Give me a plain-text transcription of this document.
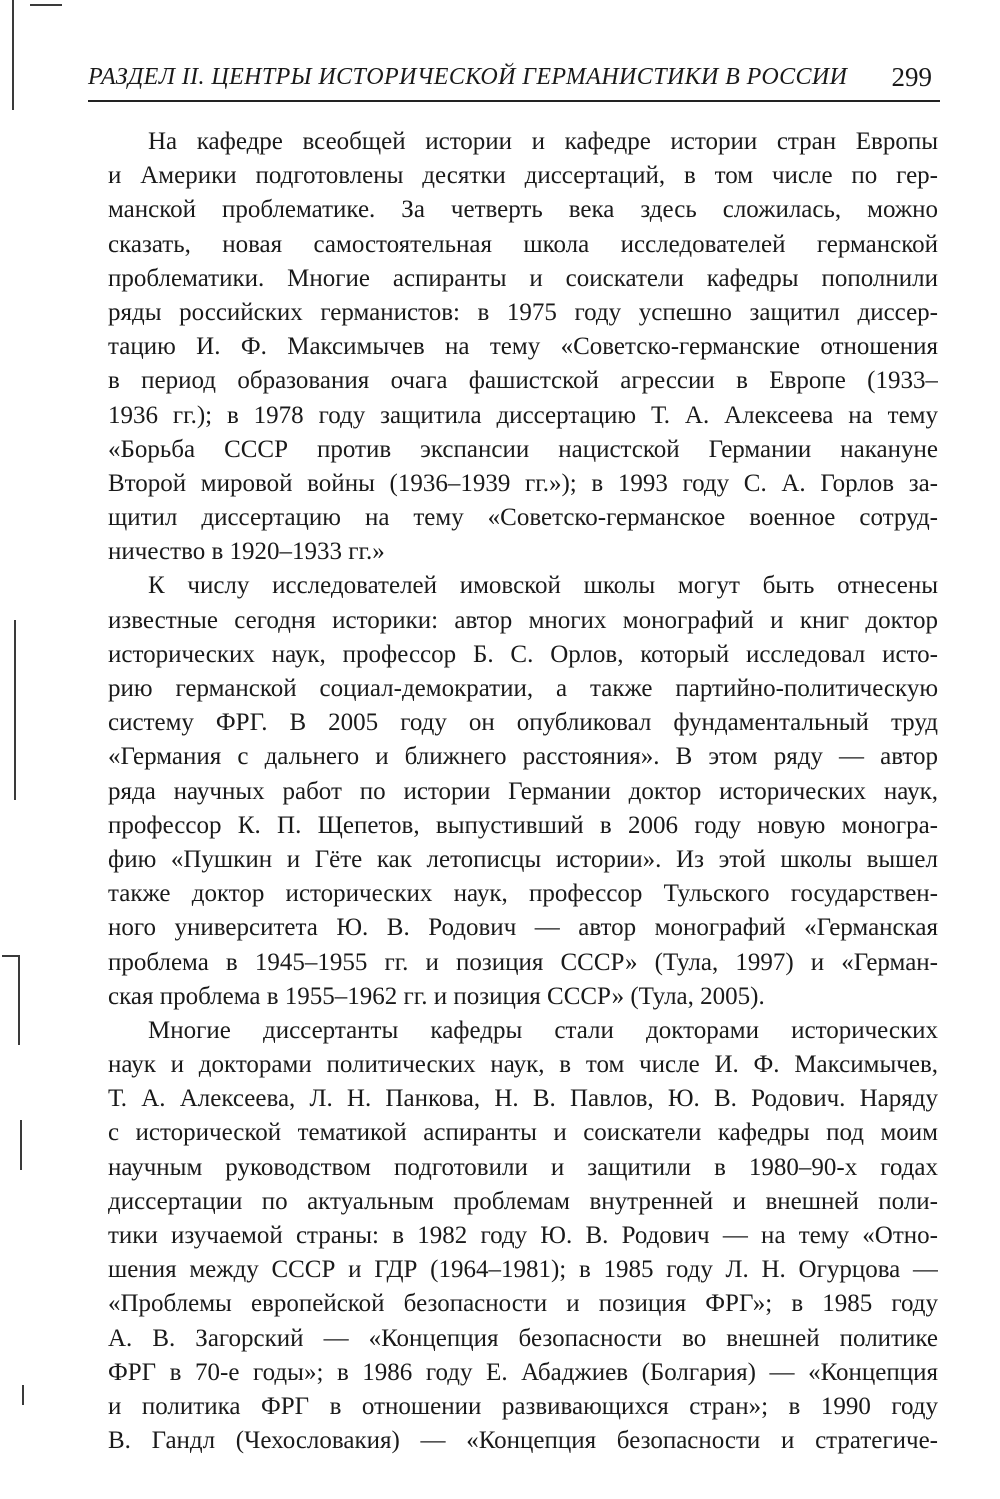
РАЗДЕЛ II. ЦЕНТРЫ ИСТОРИЧЕСКОЙ ГЕРМАНИСТИКИ В РОССИИ 299
На кафедре всеобщей истории и кафедре истории стран Европы
и Америки подготовлены десятки диссертаций, в том числе по гер-
манской проблематике. За четверть века здесь сложилась, можно
сказать, новая самостоятельная школа исследователей германской
проблематики. Многие аспиранты и соискатели кафедры пополнили
ряды российских германистов: в 1975 году успешно защитил диссер-
тацию И. Ф. Максимычев на тему «Советско-германские отношения
в период образования очага фашистской агрессии в Европе (1933–
1936 гг.); в 1978 году защитила диссертацию Т. А. Алексеева на тему
«Борьба СССР против экспансии нацистской Германии накануне
Второй мировой войны (1936–1939 гг.»); в 1993 году С. А. Горлов за-
щитил диссертацию на тему «Советско-германское военное сотруд-
ничество в 1920–1933 гг.»
К числу исследователей имовской школы могут быть отнесены
известные сегодня историки: автор многих монографий и книг доктор
исторических наук, профессор Б. С. Орлов, который исследовал исто-
рию германской социал-демократии, а также партийно-политическую
систему ФРГ. В 2005 году он опубликовал фундаментальный труд
«Германия с дальнего и ближнего расстояния». В этом ряду — автор
ряда научных работ по истории Германии доктор исторических наук,
профессор К. П. Щепетов, выпустивший в 2006 году новую моногра-
фию «Пушкин и Гёте как летописцы истории». Из этой школы вышел
также доктор исторических наук, профессор Тульского государствен-
ного университета Ю. В. Родович — автор монографий «Германская
проблема в 1945–1955 гг. и позиция СССР» (Тула, 1997) и «Герман-
ская проблема в 1955–1962 гг. и позиция СССР» (Тула, 2005).
Многие диссертанты кафедры стали докторами исторических
наук и докторами политических наук, в том числе И. Ф. Максимычев,
Т. А. Алексеева, Л. Н. Панкова, Н. В. Павлов, Ю. В. Родович. Наряду
с исторической тематикой аспиранты и соискатели кафедры под моим
научным руководством подготовили и защитили в 1980–90-х годах
диссертации по актуальным проблемам внутренней и внешней поли-
тики изучаемой страны: в 1982 году Ю. В. Родович — на тему «Отно-
шения между СССР и ГДР (1964–1981); в 1985 году Л. Н. Огурцова —
«Проблемы европейской безопасности и позиция ФРГ»; в 1985 году
А. В. Загорский — «Концепция безопасности во внешней политике
ФРГ в 70-е годы»; в 1986 году Е. Абаджиев (Болгария) — «Концепция
и политика ФРГ в отношении развивающихся стран»; в 1990 году
В. Гандл (Чехословакия) — «Концепция безопасности и стратегиче-
